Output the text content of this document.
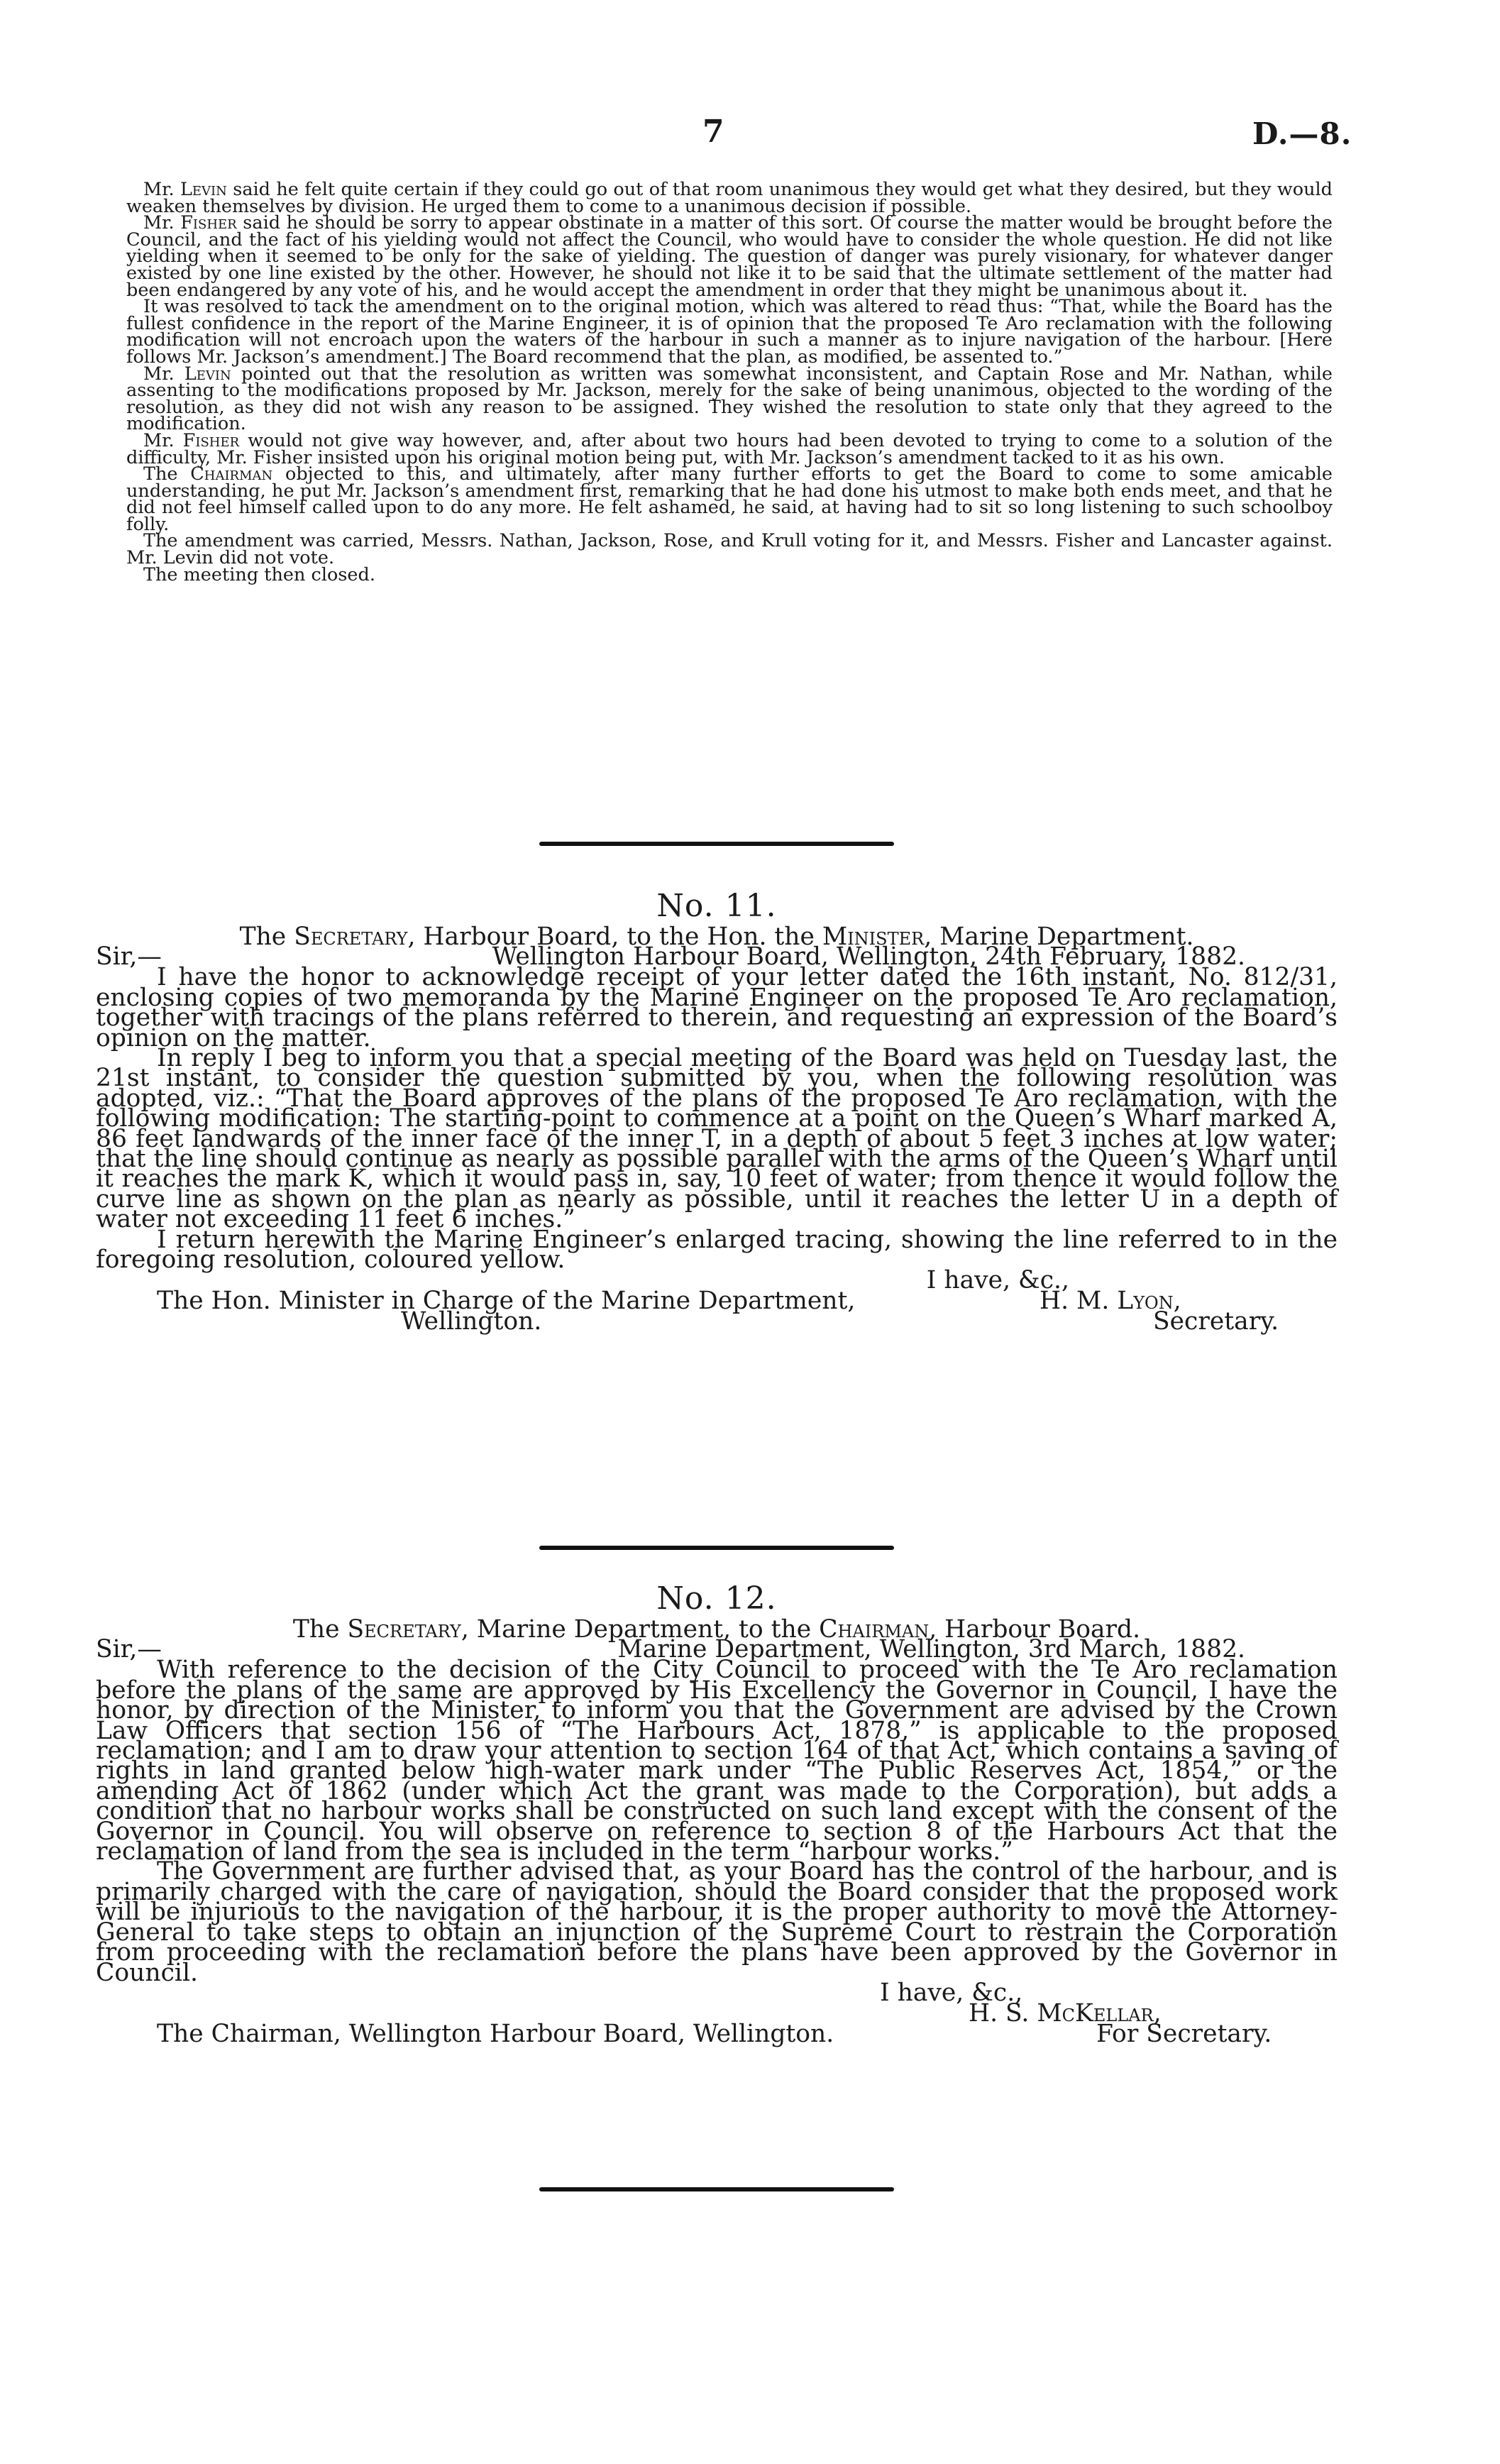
7	D.—8.

Mr. Levin said he felt quite certain if they could go out of that room unanimous they would get what they desired, but they would weaken themselves by division. He urged them to come to a unanimous decision if possible.

Mr. Fisher said he should be sorry to appear obstinate in a matter of this sort. Of course the matter would be brought before the Council, and the fact of his yielding would not affect the Council, who would have to consider the whole question. He did not like yielding when it seemed to be only for the sake of yielding. The question of danger was purely visionary, for whatever danger existed by one line existed by the other. However, he should not like it to be said that the ultimate settlement of the matter had been endangered by any vote of his, and he would accept the amendment in order that they might be unanimous about it.

It was resolved to tack the amendment on to the original motion, which was altered to read thus: “That, while the Board has the fullest confidence in the report of the Marine Engineer, it is of opinion that the proposed Te Aro reclamation with the following modification will not encroach upon the waters of the harbour in such a manner as to injure navigation of the harbour. [Here follows Mr. Jackson’s amendment.] The Board recommend that the plan, as modified, be assented to.”

Mr. Levin pointed out that the resolution as written was somewhat inconsistent, and Captain Rose and Mr. Nathan, while assenting to the modifications proposed by Mr. Jackson, merely for the sake of being unanimous, objected to the wording of the resolution, as they did not wish any reason to be assigned. They wished the resolution to state only that they agreed to the modification.

Mr. Fisher would not give way however, and, after about two hours had been devoted to trying to come to a solution of the difficulty, Mr. Fisher insisted upon his original motion being put, with Mr. Jackson’s amendment tacked to it as his own.

The Chairman objected to this, and ultimately, after many further efforts to get the Board to come to some amicable understanding, he put Mr. Jackson’s amendment first, remarking that he had done his utmost to make both ends meet, and that he did not feel himself called upon to do any more. He felt ashamed, he said, at having had to sit so long listening to such schoolboy folly.

The amendment was carried, Messrs. Nathan, Jackson, Rose, and Krull voting for it, and Messrs. Fisher and Lancaster against. Mr. Levin did not vote.

The meeting then closed.

No. 11.
The Secretary, Harbour Board, to the Hon. the Minister, Marine Department.
Sir,—	Wellington Harbour Board, Wellington, 24th February, 1882.

I have the honor to acknowledge receipt of your letter dated the 16th instant, No. 812/31, enclosing copies of two memoranda by the Marine Engineer on the proposed Te Aro reclamation, together with tracings of the plans referred to therein, and requesting an expression of the Board’s opinion on the matter.

In reply I beg to inform you that a special meeting of the Board was held on Tuesday last, the 21st instant, to consider the question submitted by you, when the following resolution was adopted, viz.: “That the Board approves of the plans of the proposed Te Aro reclamation, with the following modification: The starting-point to commence at a point on the Queen’s Wharf marked A, 86 feet landwards of the inner face of the inner T, in a depth of about 5 feet 3 inches at low water; that the line should continue as nearly as possible parallel with the arms of the Queen’s Wharf until it reaches the mark K, which it would pass in, say, 10 feet of water; from thence it would follow the curve line as shown on the plan as nearly as possible, until it reaches the letter U in a depth of water not exceeding 11 feet 6 inches.”

I return herewith the Marine Engineer’s enlarged tracing, showing the line referred to in the foregoing resolution, coloured yellow.

I have, &c.,
The Hon. Minister in Charge of the Marine Department,	H. M. Lyon,
Wellington.	Secretary.
No. 12.
The Secretary, Marine Department, to the Chairman, Harbour Board.
Sir,—	Marine Department, Wellington, 3rd March, 1882.

With reference to the decision of the City Council to proceed with the Te Aro reclamation before the plans of the same are approved by His Excellency the Governor in Council, I have the honor, by direction of the Minister, to inform you that the Government are advised by the Crown Law Officers that section 156 of “The Harbours Act, 1878,” is applicable to the proposed reclamation; and I am to draw your attention to section 164 of that Act, which contains a saving of rights in land granted below high-water mark under “The Public Reserves Act, 1854,” or the amending Act of 1862 (under which Act the grant was made to the Corporation), but adds a condition that no harbour works shall be constructed on such land except with the consent of the Governor in Council. You will observe on reference to section 8 of the Harbours Act that the reclamation of land from the sea is included in the term “harbour works.”

The Government are further advised that, as your Board has the control of the harbour, and is primarily charged with the care of navigation, should the Board consider that the proposed work will be injurious to the navigation of the harbour, it is the proper authority to move the Attorney-General to take steps to obtain an injunction of the Supreme Court to restrain the Corporation from proceeding with the reclamation before the plans have been approved by the Governor in Council.

I have, &c.,
H. S. McKellar,
The Chairman, Wellington Harbour Board, Wellington.	For Secretary.
